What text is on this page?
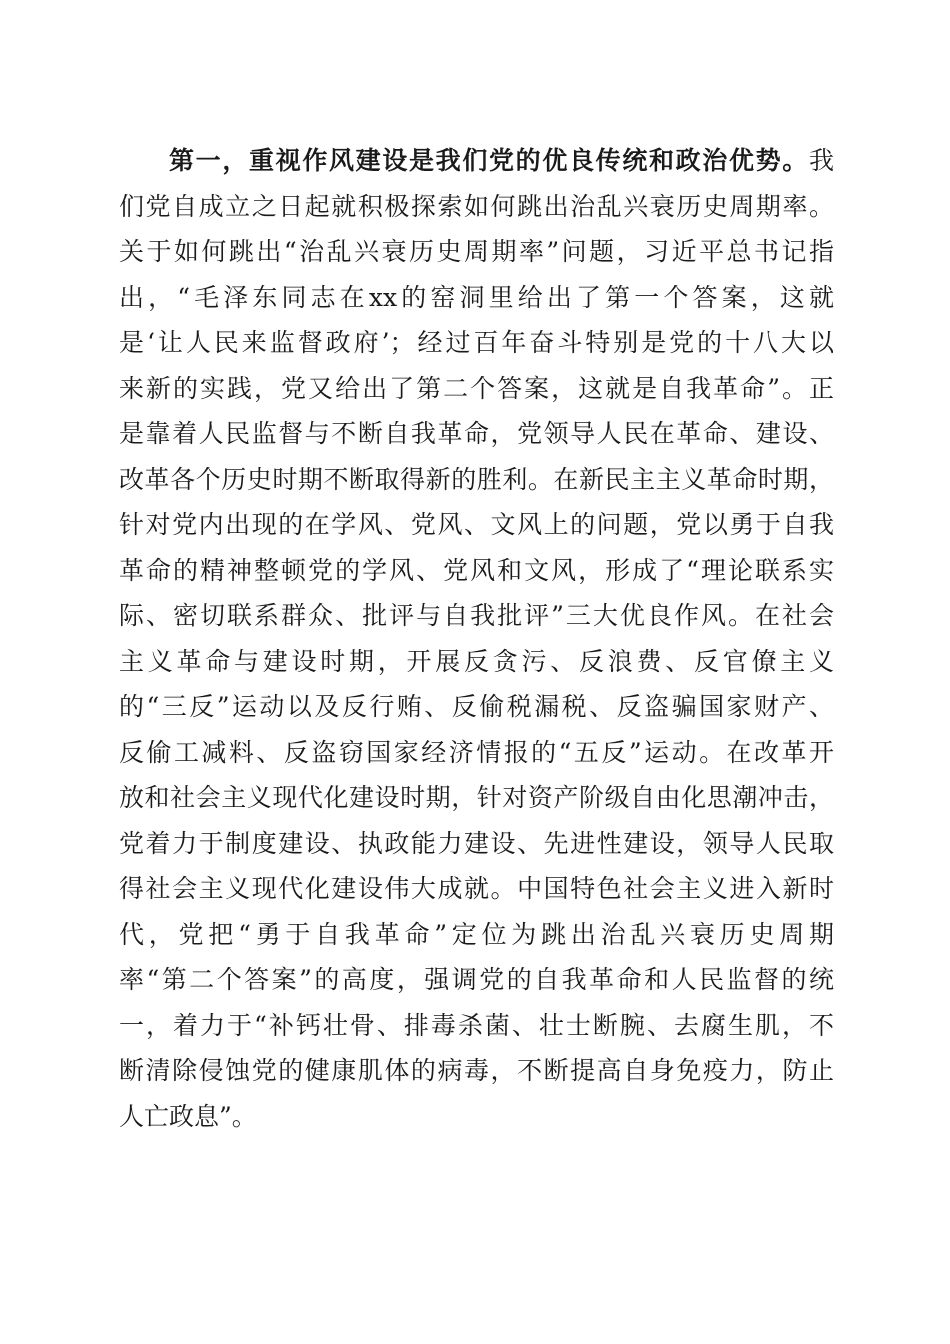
第一，重视作风建设是我们党的优良传统和政治优势。我
们党自成立之日起就积极探索如何跳出治乱兴衰历史周期率。
关于如何跳出“治乱兴衰历史周期率”问题，习近平总书记指
出，“毛泽东同志在xx的窑洞里给出了第一个答案，这就
是‘让人民来监督政府’；经过百年奋斗特别是党的十八大以
来新的实践，党又给出了第二个答案，这就是自我革命”。正
是靠着人民监督与不断自我革命，党领导人民在革命、建设、
改革各个历史时期不断取得新的胜利。在新民主主义革命时期，
针对党内出现的在学风、党风、文风上的问题，党以勇于自我
革命的精神整顿党的学风、党风和文风，形成了“理论联系实
际、密切联系群众、批评与自我批评”三大优良作风。在社会
主义革命与建设时期，开展反贪污、反浪费、反官僚主义
的“三反”运动以及反行贿、反偷税漏税、反盗骗国家财产、
反偷工减料、反盗窃国家经济情报的“五反”运动。在改革开
放和社会主义现代化建设时期，针对资产阶级自由化思潮冲击，
党着力于制度建设、执政能力建设、先进性建设，领导人民取
得社会主义现代化建设伟大成就。中国特色社会主义进入新时
代，党把“勇于自我革命”定位为跳出治乱兴衰历史周期
率“第二个答案”的高度，强调党的自我革命和人民监督的统
一，着力于“补钙壮骨、排毒杀菌、壮士断腕、去腐生肌，不
断清除侵蚀党的健康肌体的病毒，不断提高自身免疫力，防止
人亡政息”。
